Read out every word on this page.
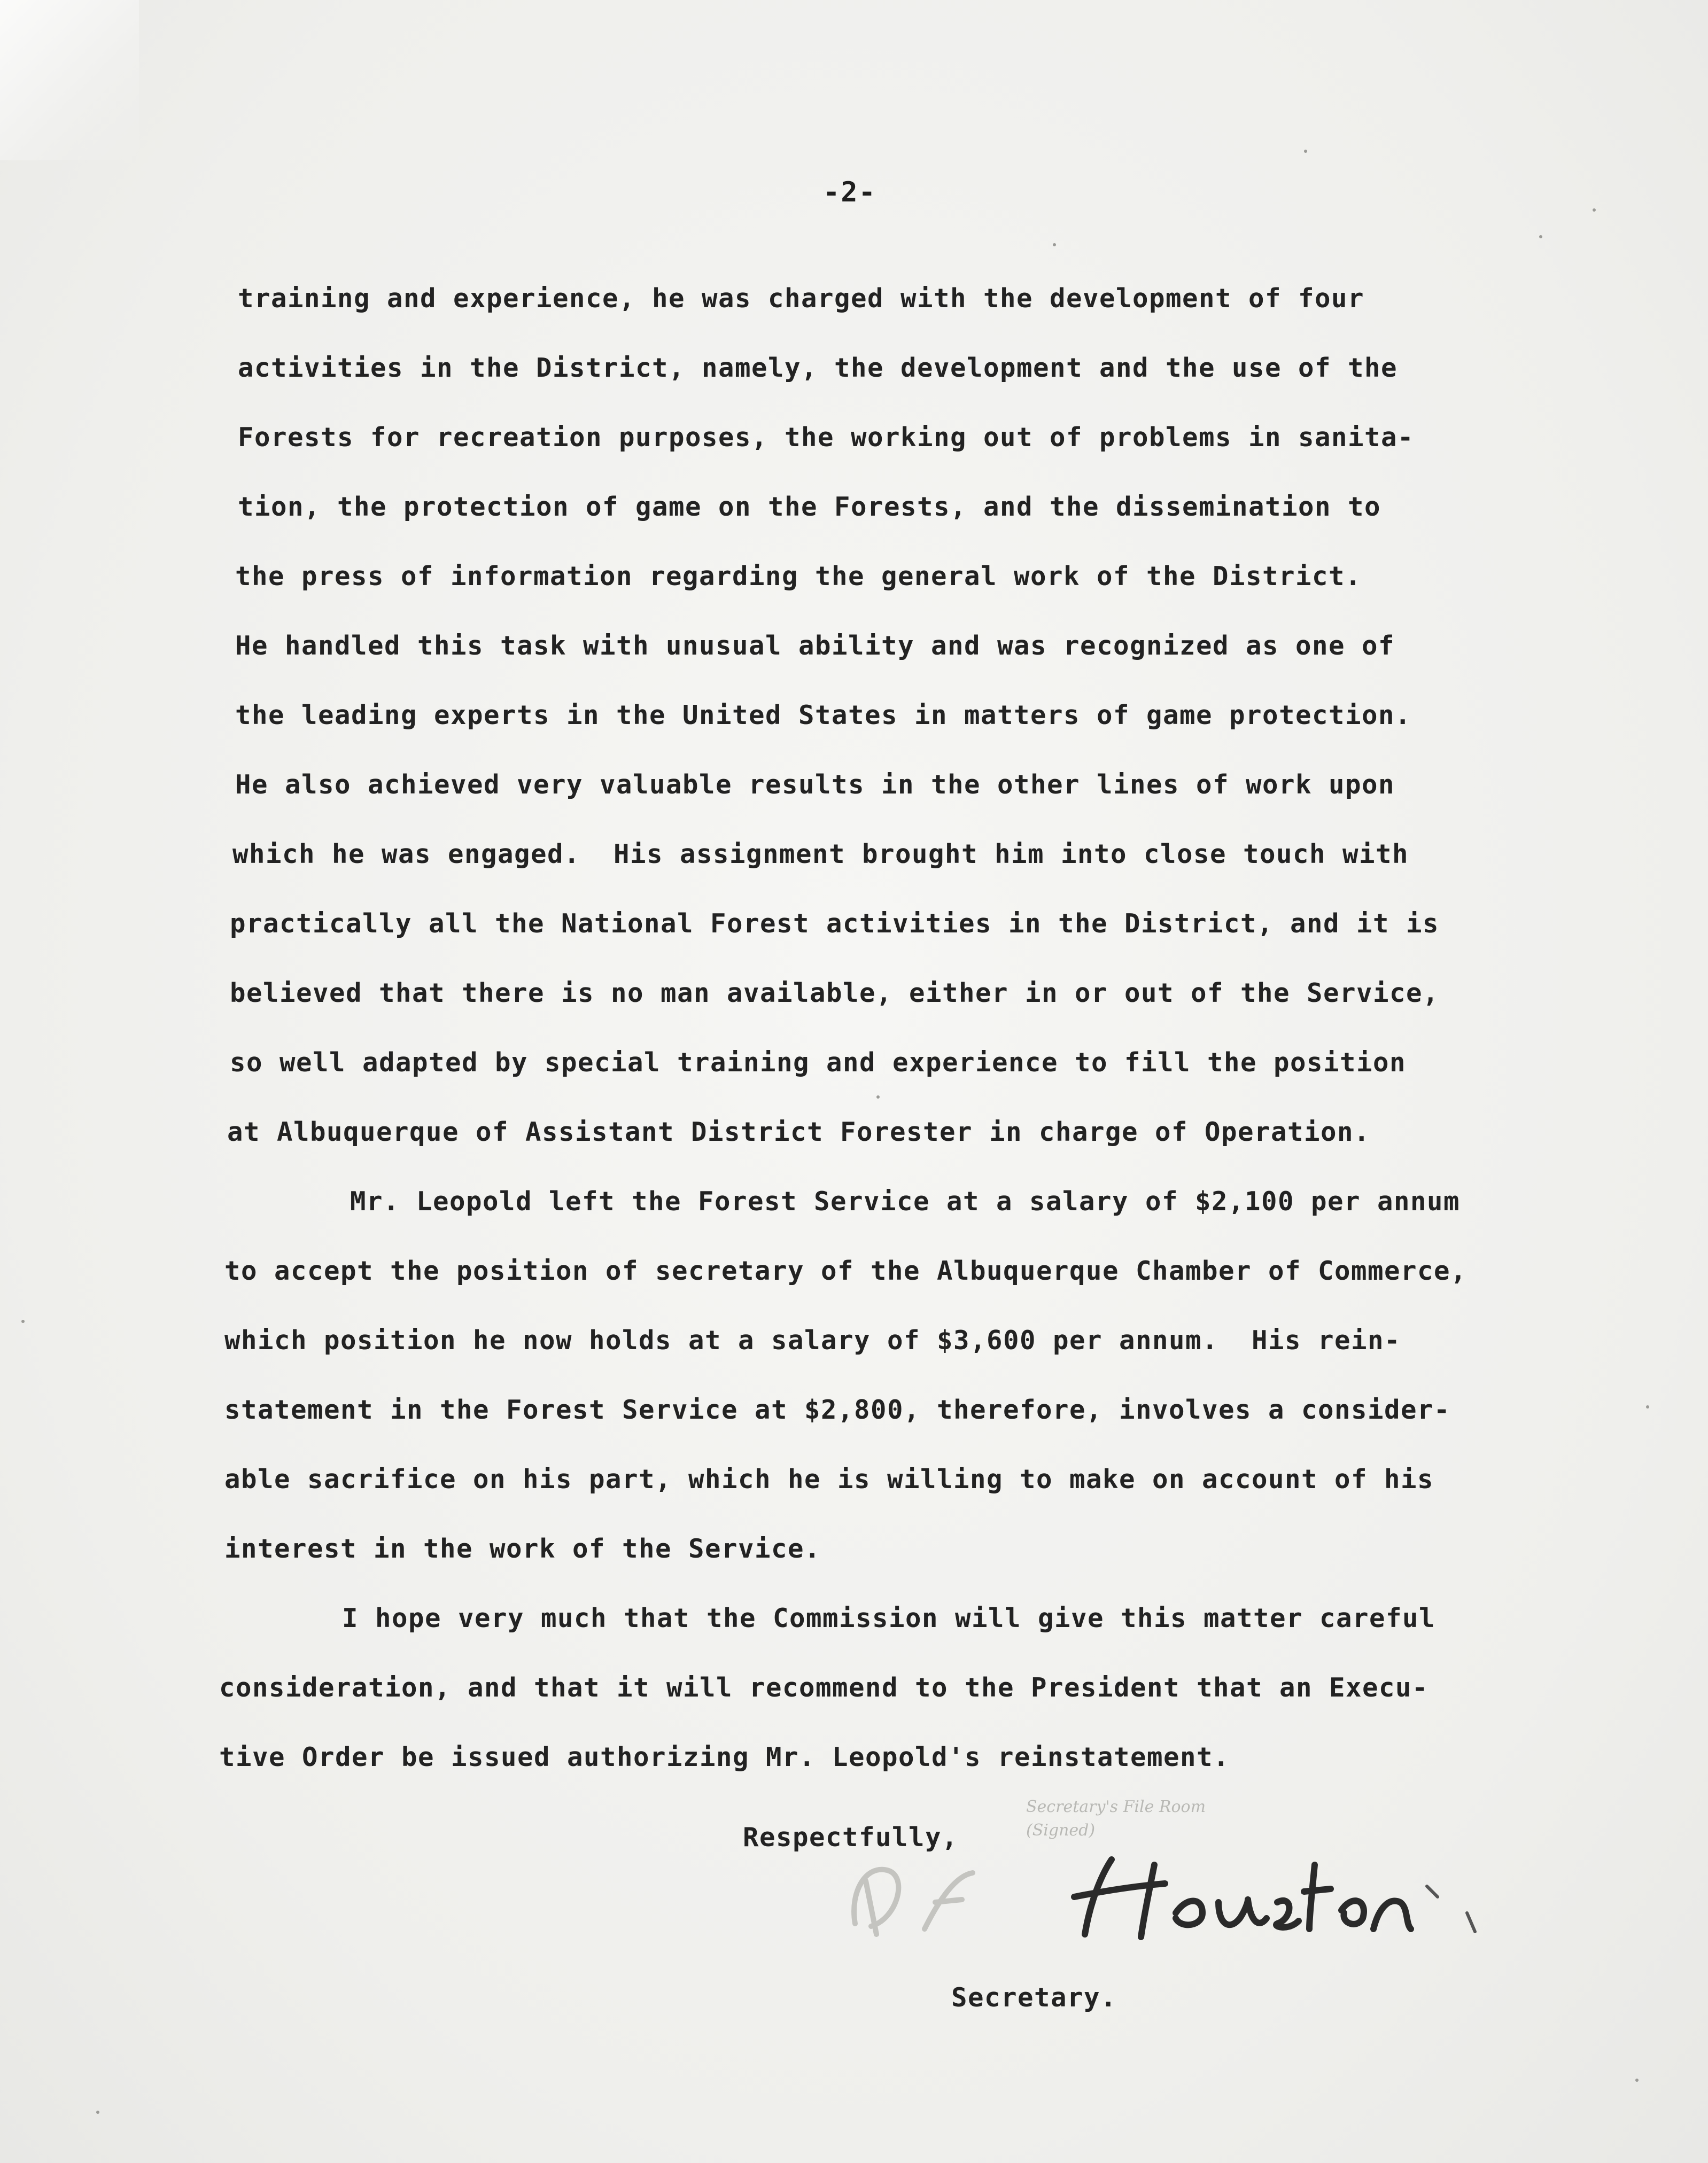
-2-
training and experience, he was charged with the development of four
activities in the District, namely, the development and the use of the
Forests for recreation purposes, the working out of problems in sanita-
tion, the protection of game on the Forests, and the dissemination to
the press of information regarding the general work of the District.
He handled this task with unusual ability and was recognized as one of
the leading experts in the United States in matters of game protection.
He also achieved very valuable results in the other lines of work upon
which he was engaged.  His assignment brought him into close touch with
practically all the National Forest activities in the District, and it is
believed that there is no man available, either in or out of the Service,
so well adapted by special training and experience to fill the position
at Albuquerque of Assistant District Forester in charge of Operation.
Mr. Leopold left the Forest Service at a salary of $2,100 per annum
to accept the position of secretary of the Albuquerque Chamber of Commerce,
which position he now holds at a salary of $3,600 per annum.  His rein-
statement in the Forest Service at $2,800, therefore, involves a consider-
able sacrifice on his part, which he is willing to make on account of his
interest in the work of the Service.
I hope very much that the Commission will give this matter careful
consideration, and that it will recommend to the President that an Execu-
tive Order be issued authorizing Mr. Leopold's reinstatement.
Respectfully,
Secretary's File Room
(Signed)
Secretary.
